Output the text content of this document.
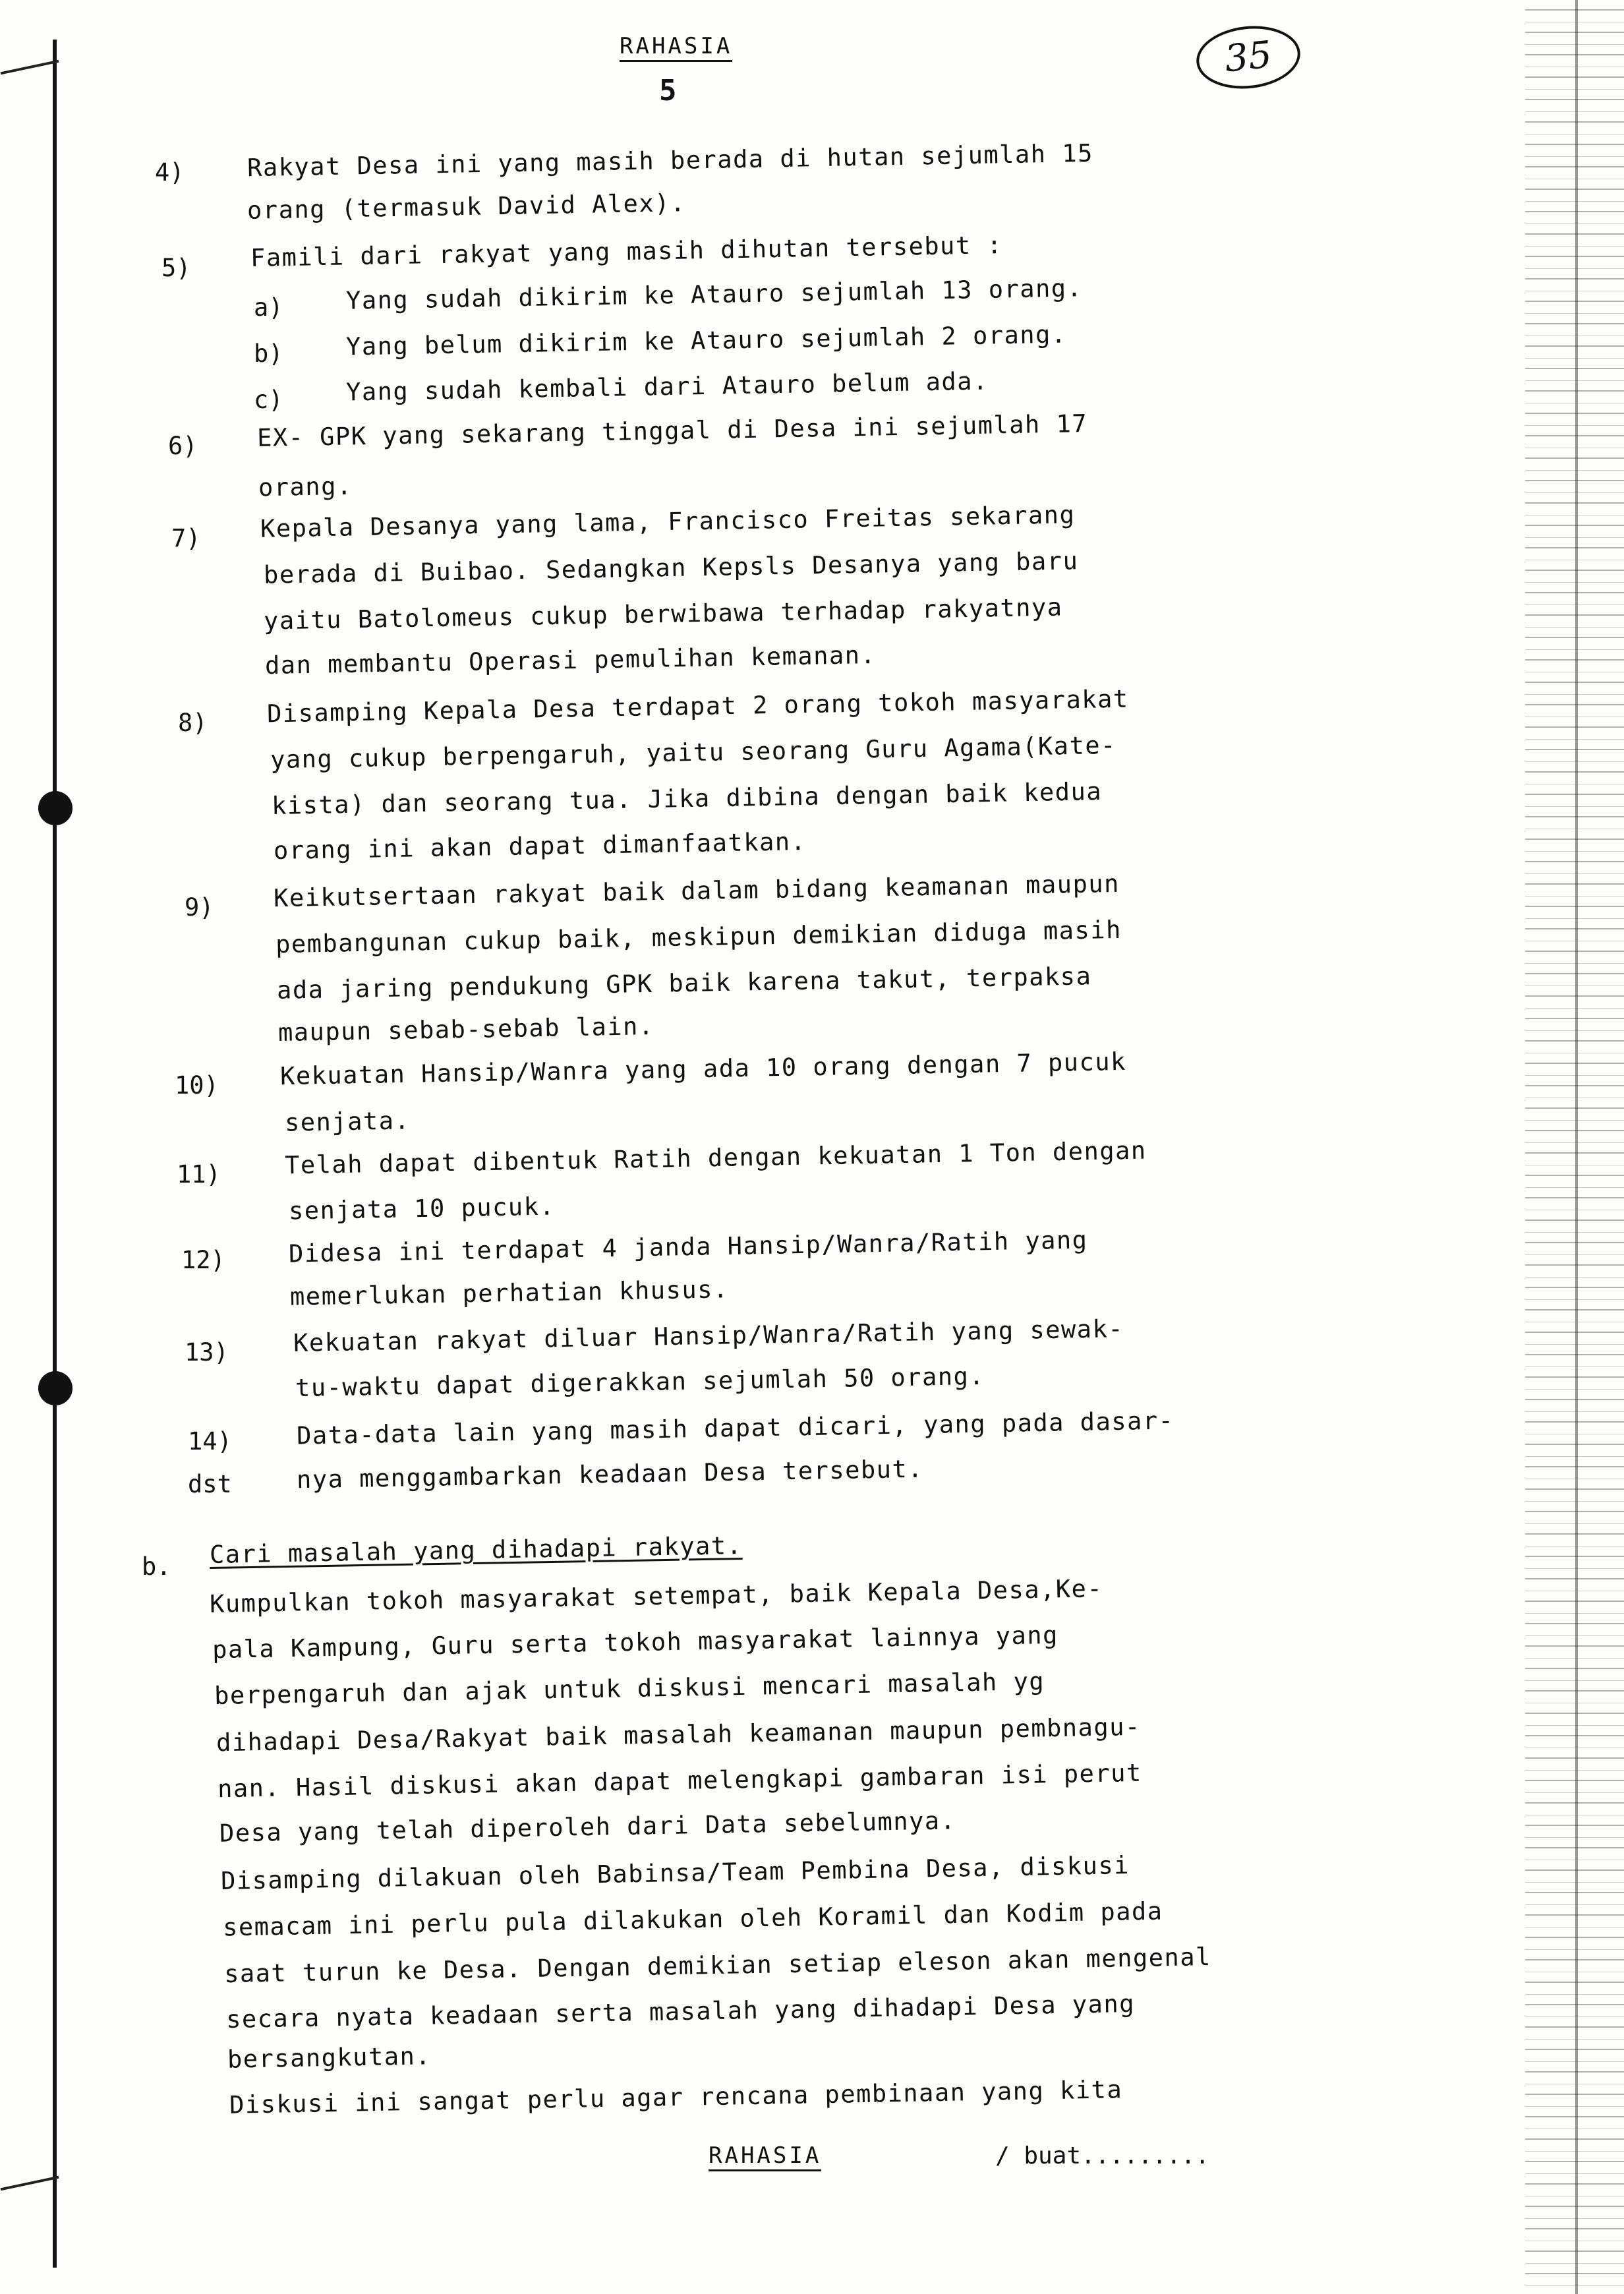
RAHASIA
5
35
4)	Rakyat Desa ini yang masih berada di hutan sejumlah 15
orang (termasuk David Alex).
5) Famili dari rakyat yang masih dihutan tersebut :
a)	Yang sudah dikirim ke Atauro sejumlah 13 orang.
b)	Yang belum dikirim ke Atauro sejumlah 2 orang.
c)	Yang sudah kembali dari Atauro belum ada.
6) EX- GPK yang sekarang tinggal di Desa ini sejumlah 17
orang.
7) Kepala Desanya yang lama, Francisco Freitas sekarang
berada di Buibao. Sedangkan Kepsls Desanya yang baru
yaitu Batolomeus cukup berwibawa terhadap rakyatnya
dan membantu Operasi pemulihan kemanan.
8) Disamping Kepala Desa terdapat 2 orang tokoh masyarakat
yang cukup berpengaruh, yaitu seorang Guru Agama(Kate-
kista) dan seorang tua. Jika dibina dengan baik kedua
orang ini akan dapat dimanfaatkan.
9) Keikutsertaan rakyat baik dalam bidang keamanan maupun
pembangunan cukup baik, meskipun demikian diduga masih
ada jaring pendukung GPK baik karena takut, terpaksa
maupun sebab-sebab lain.
10)	Kekuatan Hansip/Wanra yang ada 10 orang dengan 7 pucuk
senjata.
11)	Telah dapat dibentuk Ratih dengan kekuatan 1 Ton dengan
senjata 10 pucuk.
12)	Didesa ini terdapat 4 janda Hansip/Wanra/Ratih yang
memerlukan perhatian khusus.
13)	Kekuatan rakyat diluar Hansip/Wanra/Ratih yang sewak-
tu-waktu dapat digerakkan sejumlah 50 orang.
14)	Data-data lain yang masih dapat dicari, yang pada dasar-
dst	nya menggambarkan keadaan Desa tersebut.
b. Cari masalah yang dihadapi rakyat.
Kumpulkan tokoh masyarakat setempat, baik Kepala Desa,Ke-
pala Kampung, Guru serta tokoh masyarakat lainnya yang
berpengaruh dan ajak untuk diskusi mencari masalah yg
dihadapi Desa/Rakyat baik masalah keamanan maupun pembnagu-
nan. Hasil diskusi akan dapat melengkapi gambaran isi perut
Desa yang telah diperoleh dari Data sebelumnya.
Disamping dilakuan oleh Babinsa/Team Pembina Desa, diskusi
semacam ini perlu pula dilakukan oleh Koramil dan Kodim pada
saat turun ke Desa. Dengan demikian setiap eleson akan mengenal
secara nyata keadaan serta masalah yang dihadapi Desa yang
bersangkutan.
Diskusi ini sangat perlu agar rencana pembinaan yang kita
RAHASIA	/ buat.........
